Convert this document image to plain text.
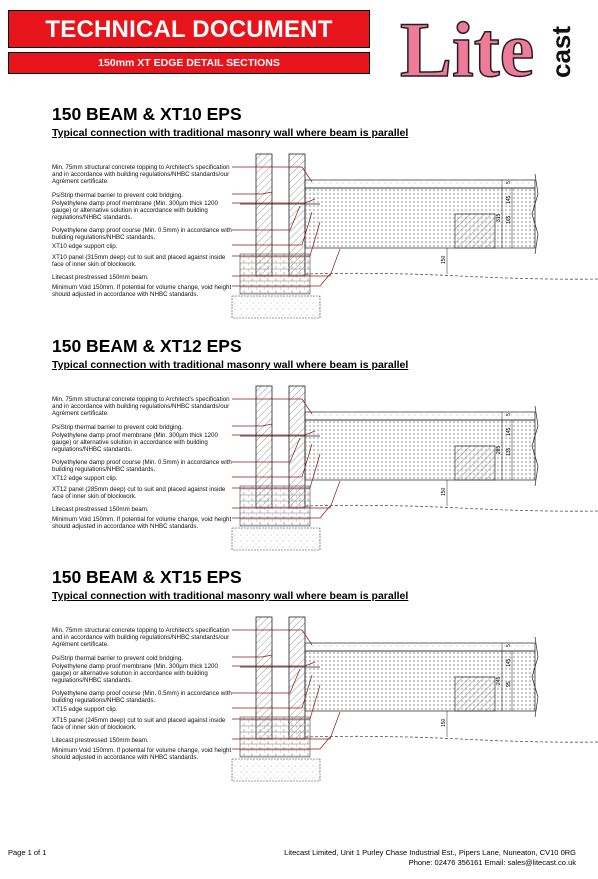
TECHNICAL DOCUMENT
150mm XT EDGE DETAIL SECTIONS	Lite cast
150 BEAM & XT10 EPS
Typical connection with traditional masonry wall where beam is parallel
Min. 75mm structural concrete topping to Architect's specification and in accordance with building regulations/NHBC standards/our Agrément certificate.
PsiStrip thermal barrier to prevent cold bridging.
Polyethylene damp proof membrane (Min. 300µm thick 1200 gauge) or alternative solution in accordance with building regulations/NHBC standards.
Polyethylene damp proof course (Min. 0.5mm) in accordance with building regulations/NHBC standards.
XT10 edge support clip.
XT10 panel (315mm deep) cut to suit and placed against inside face of inner skin of blockwork.
Litecast prestressed 150mm beam.
Minimum Void 150mm. If potential for volume change, void height should adjusted in accordance with NHBC standards.
315 165
145
5
150
150 BEAM & XT12 EPS
Typical connection with traditional masonry wall where beam is parallel
Min. 75mm structural concrete topping to Architect's specification and in accordance with building regulations/NHBC standards/our Agrément certificate.
PsiStrip thermal barrier to prevent cold bridging.
Polyethylene damp proof membrane (Min. 300µm thick 1200 gauge) or alternative solution in accordance with building regulations/NHBC standards.
Polyethylene damp proof course (Min. 0.5mm) in accordance with building regulations/NHBC standards.
XT12 edge support clip.
XT12 panel (285mm deep) cut to suit and placed against inside face of inner skin of blockwork.
Litecast prestressed 150mm beam.
Minimum Void 150mm. If potential for volume change, void height should adjusted in accordance with NHBC standards.
285 135
145
5
150
150 BEAM & XT15 EPS
Typical connection with traditional masonry wall where beam is parallel
Min. 75mm structural concrete topping to Architect's specification and in accordance with building regulations/NHBC standards/our Agrément certificate.
PsiStrip thermal barrier to prevent cold bridging.
Polyethylene damp proof membrane (Min. 300µm thick 1200 gauge) or alternative solution in accordance with building regulations/NHBC standards.
Polyethylene damp proof course (Min. 0.5mm) in accordance with building regulations/NHBC standards.
XT15 edge support clip.
XT15 panel (245mm deep) cut to suit and placed against inside face of inner skin of blockwork.
Litecast prestressed 150mm beam.
Minimum Void 150mm. If potential for volume change, void height should adjusted in accordance with NHBC standards.
245 95
145
5
150
Page 1 of 1	Litecast Limited, Unit 1 Purley Chase Industrial Est., Pipers Lane, Nuneaton, CV10 0RG
Phone: 02476 356161 Email: sales@litecast.co.uk
